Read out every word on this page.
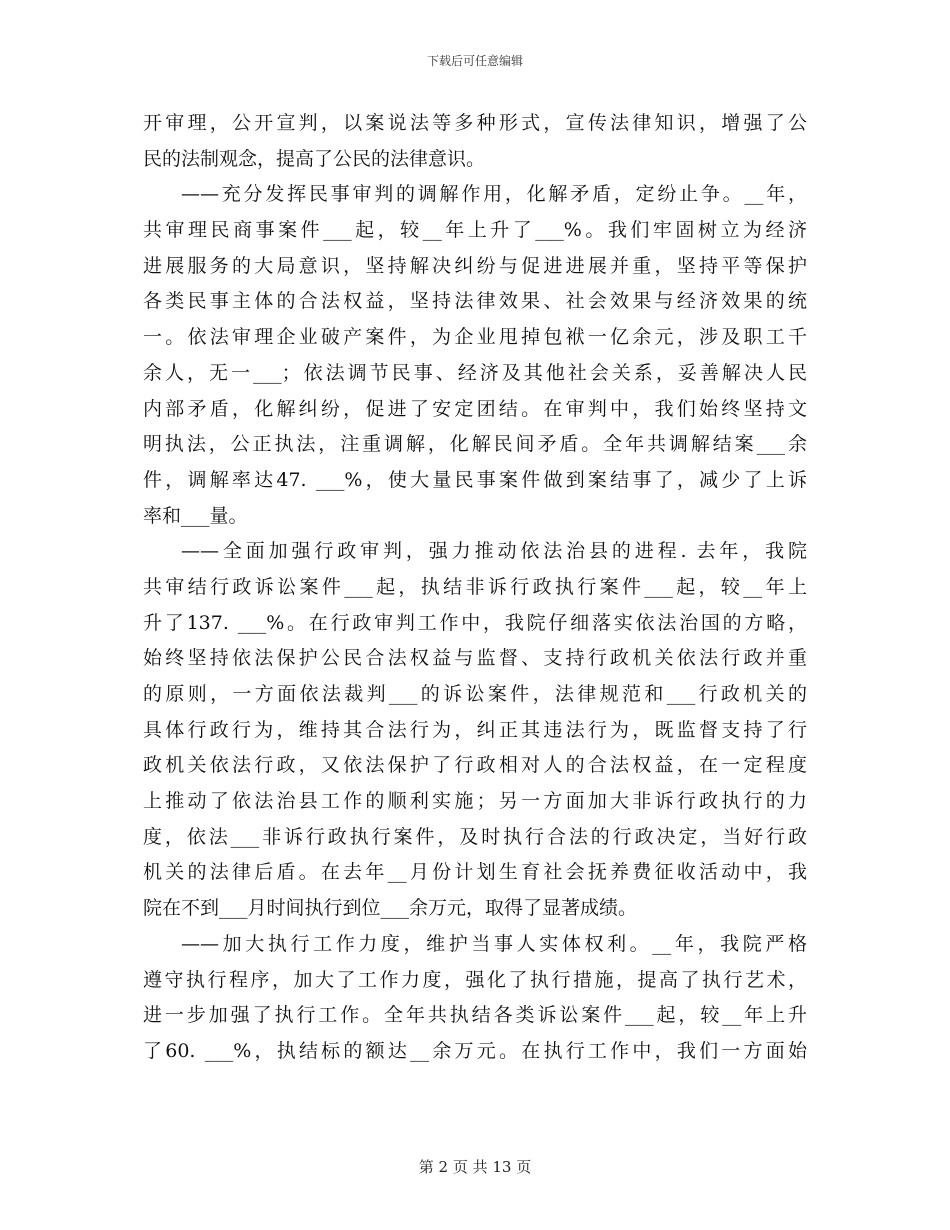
下载后可任意编辑
开审理，公开宣判，以案说法等多种形式，宣传法律知识，增强了公
民的法制观念，提高了公民的法律意识。
——充分发挥民事审判的调解作用，化解矛盾，定纷止争。__年，
共审理民商事案件___起，较__年上升了___%。我们牢固树立为经济
进展服务的大局意识，坚持解决纠纷与促进进展并重，坚持平等保护
各类民事主体的合法权益，坚持法律效果、社会效果与经济效果的统
一。依法审理企业破产案件，为企业甩掉包袱一亿余元，涉及职工千
余人，无一___；依法调节民事、经济及其他社会关系，妥善解决人民
内部矛盾，化解纠纷，促进了安定团结。在审判中，我们始终坚持文
明执法，公正执法，注重调解，化解民间矛盾。全年共调解结案___余
件，调解率达47. ___%，使大量民事案件做到案结事了，减少了上诉
率和___量。
——全面加强行政审判，强力推动依法治县的进程. 去年，我院
共审结行政诉讼案件___起，执结非诉行政执行案件___起，较__年上
升了137. ___%。在行政审判工作中，我院仔细落实依法治国的方略，
始终坚持依法保护公民合法权益与监督、支持行政机关依法行政并重
的原则，一方面依法裁判___的诉讼案件，法律规范和___行政机关的
具体行政行为，维持其合法行为，纠正其违法行为，既监督支持了行
政机关依法行政，又依法保护了行政相对人的合法权益，在一定程度
上推动了依法治县工作的顺利实施；另一方面加大非诉行政执行的力
度，依法___非诉行政执行案件，及时执行合法的行政决定，当好行政
机关的法律后盾。在去年__月份计划生育社会抚养费征收活动中，我
院在不到___月时间执行到位___余万元，取得了显著成绩。
——加大执行工作力度，维护当事人实体权利。__年，我院严格
遵守执行程序，加大了工作力度，强化了执行措施，提高了执行艺术，
进一步加强了执行工作。全年共执结各类诉讼案件___起，较__年上升
了60. ___%，执结标的额达__余万元。在执行工作中，我们一方面始
第 2 页 共 13 页
